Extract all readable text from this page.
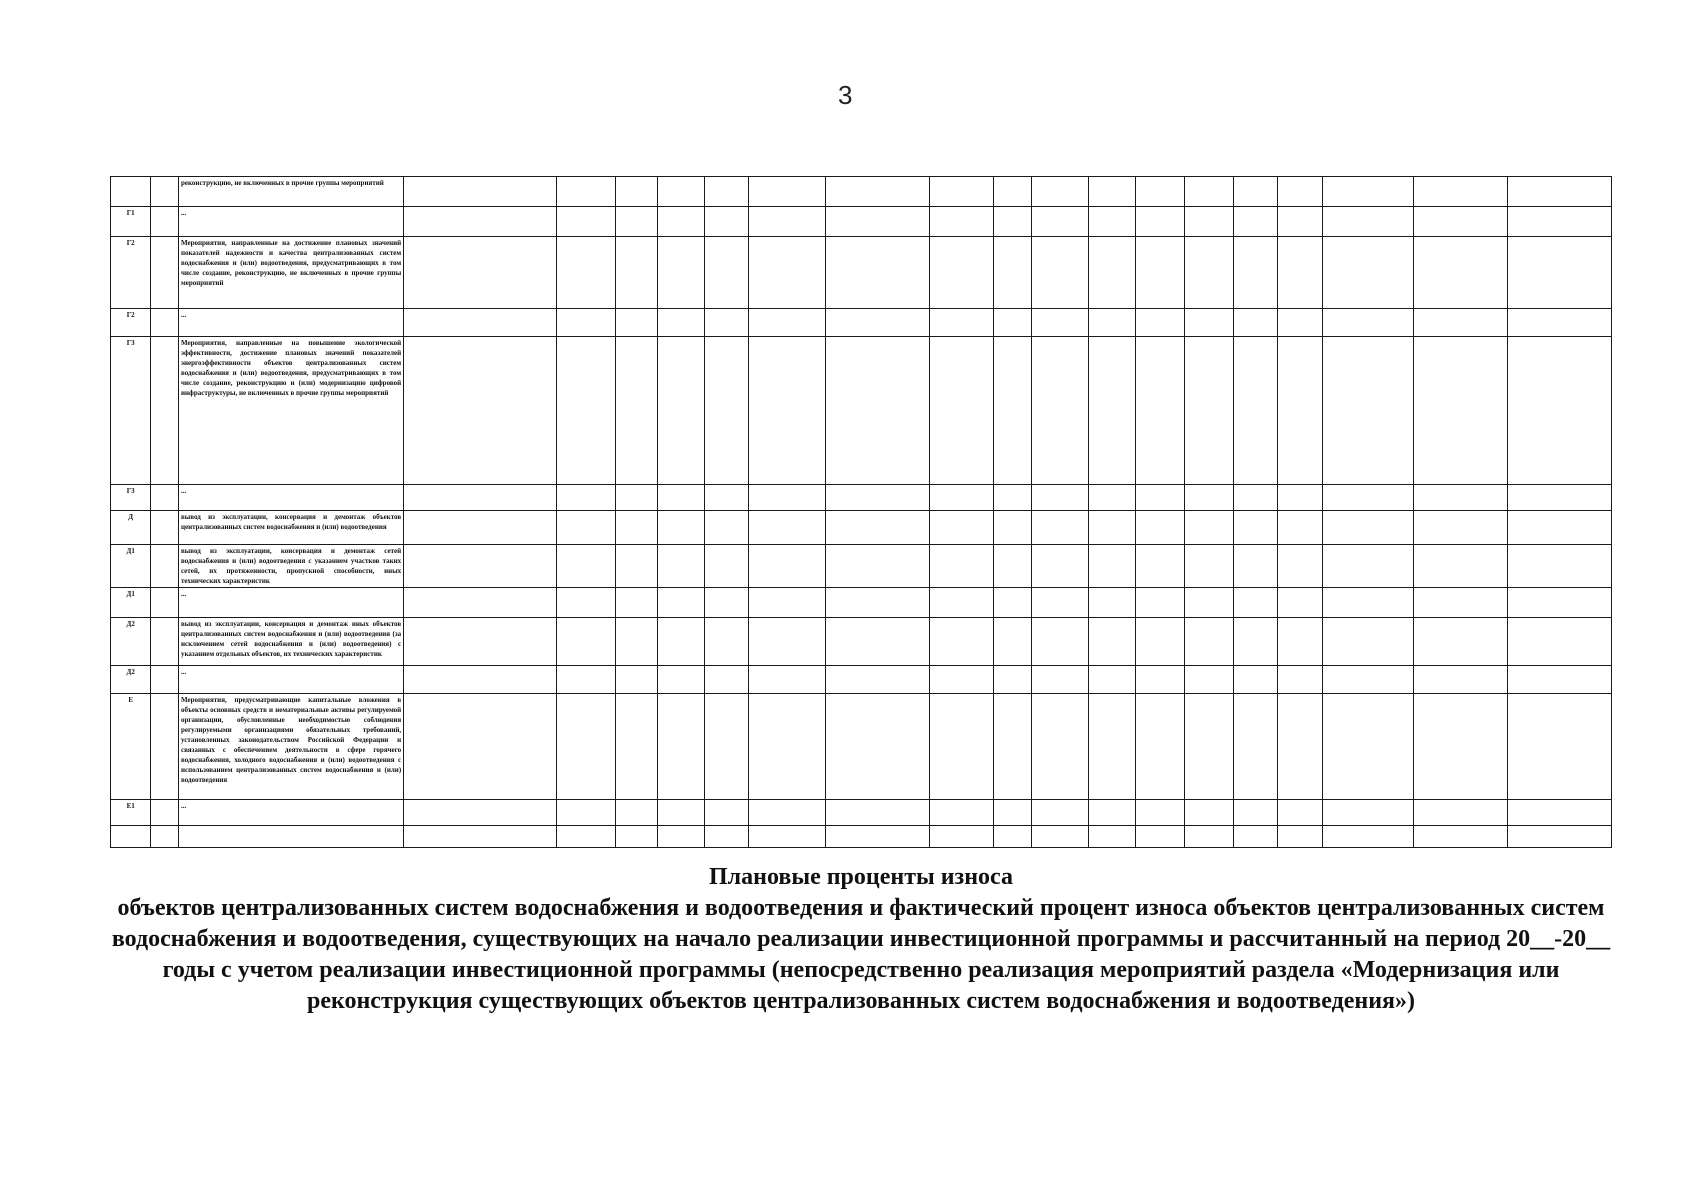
3
		реконструкцию, не включенных в прочие группы мероприятий																		
Г1		...																		
Г2		Мероприятия, направленные на достижение плановых значений показателей надежности и качества централизованных систем водоснабжения и (или) водоотведения, предусматривающих в том числе создание, реконструкцию, не включенных в прочие группы мероприятий																		
Г2		...																		
Г3		Мероприятия, направленные на повышение экологической эффективности, достижение плановых значений показателей энергоэффективности объектов централизованных систем водоснабжения и (или) водоотведения, предусматривающих в том числе создание, реконструкцию и (или) модернизацию цифровой инфраструктуры, не включенных в прочие группы мероприятий																		
Г3		...																		
Д		вывод из эксплуатации, консервация и демонтаж объектов централизованных систем водоснабжения и (или) водоотведения																		
Д1		вывод из эксплуатации, консервация и демонтаж сетей водоснабжения и (или) водоотведения с указанием участков таких сетей, их протяженности, пропускной способности, иных технических характеристик																		
Д1		...																		
Д2		вывод из эксплуатации, консервация и демонтаж иных объектов централизованных систем водоснабжения и (или) водоотведения (за исключением сетей водоснабжения и (или) водоотведения) с указанием отдельных объектов, их технических характеристик																		
Д2		...																		
Е		Мероприятия, предусматривающие капитальные вложения в объекты основных средств и нематериальные активы регулируемой организации, обусловленные необходимостью соблюдения регулируемыми организациями обязательных требований, установленных законодательством Российской Федерации и связанных с обеспечением деятельности в сфере горячего водоснабжения, холодного водоснабжения и (или) водоотведения с использованием централизованных систем водоснабжения и (или) водоотведения																		
Е1		...																		

Плановые проценты износа
объектов централизованных систем водоснабжения и водоотведения и фактический процент износа объектов централизованных систем водоснабжения и водоотведения, существующих на начало реализации инвестиционной программы и рассчитанный на период 20__-20__ годы с учетом реализации инвестиционной программы (непосредственно реализация мероприятий раздела «Модернизация или реконструкция существующих объектов централизованных систем водоснабжения и водоотведения»)
